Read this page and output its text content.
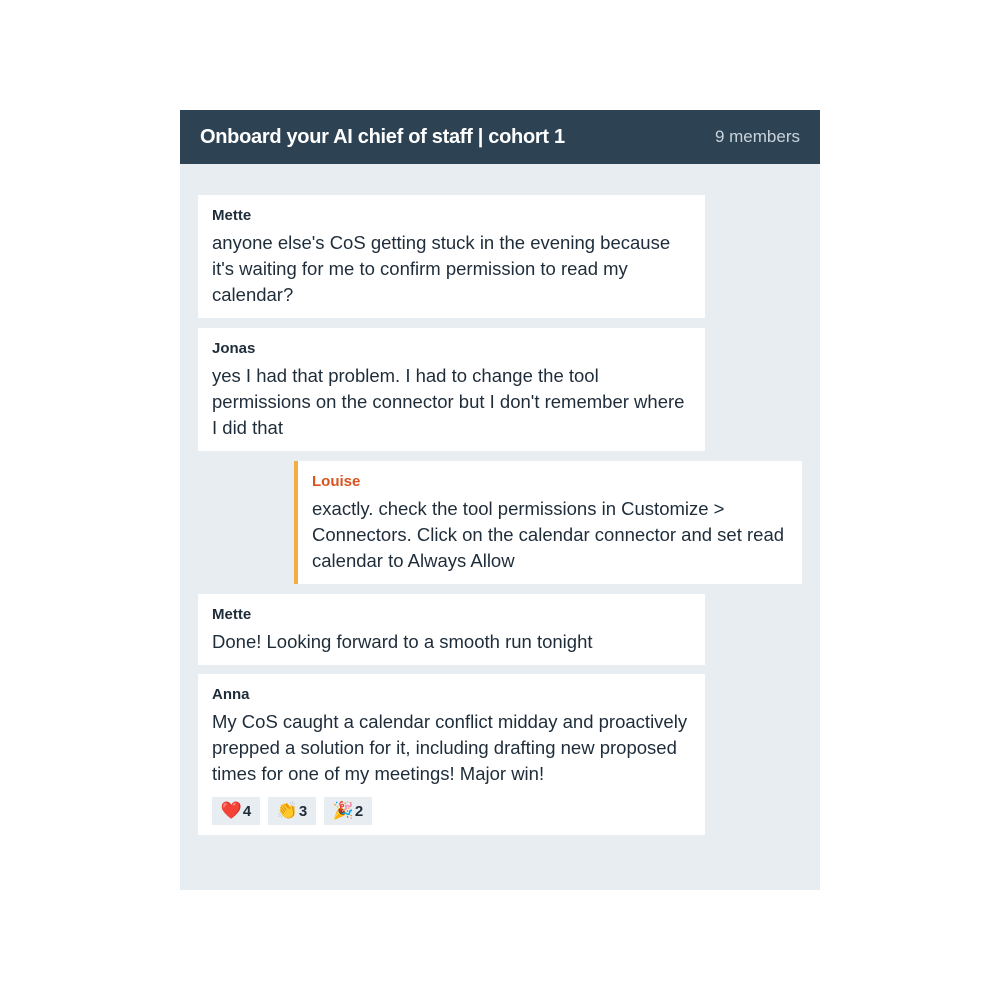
Onboard your AI chief of staff | cohort 1	9 members
Mette
anyone else's CoS getting stuck in the evening because it's waiting for me to confirm permission to read my calendar?
Jonas
yes I had that problem. I had to change the tool permissions on the connector but I don't remember where I did that
Louise
exactly. check the tool permissions in Customize > Connectors. Click on the calendar connector and set read calendar to Always Allow
Mette
Done! Looking forward to a smooth run tonight
Anna
My CoS caught a calendar conflict midday and proactively prepped a solution for it, including drafting new proposed times for one of my meetings! Major win!
❤️ 4 👏 3 🎉 2
